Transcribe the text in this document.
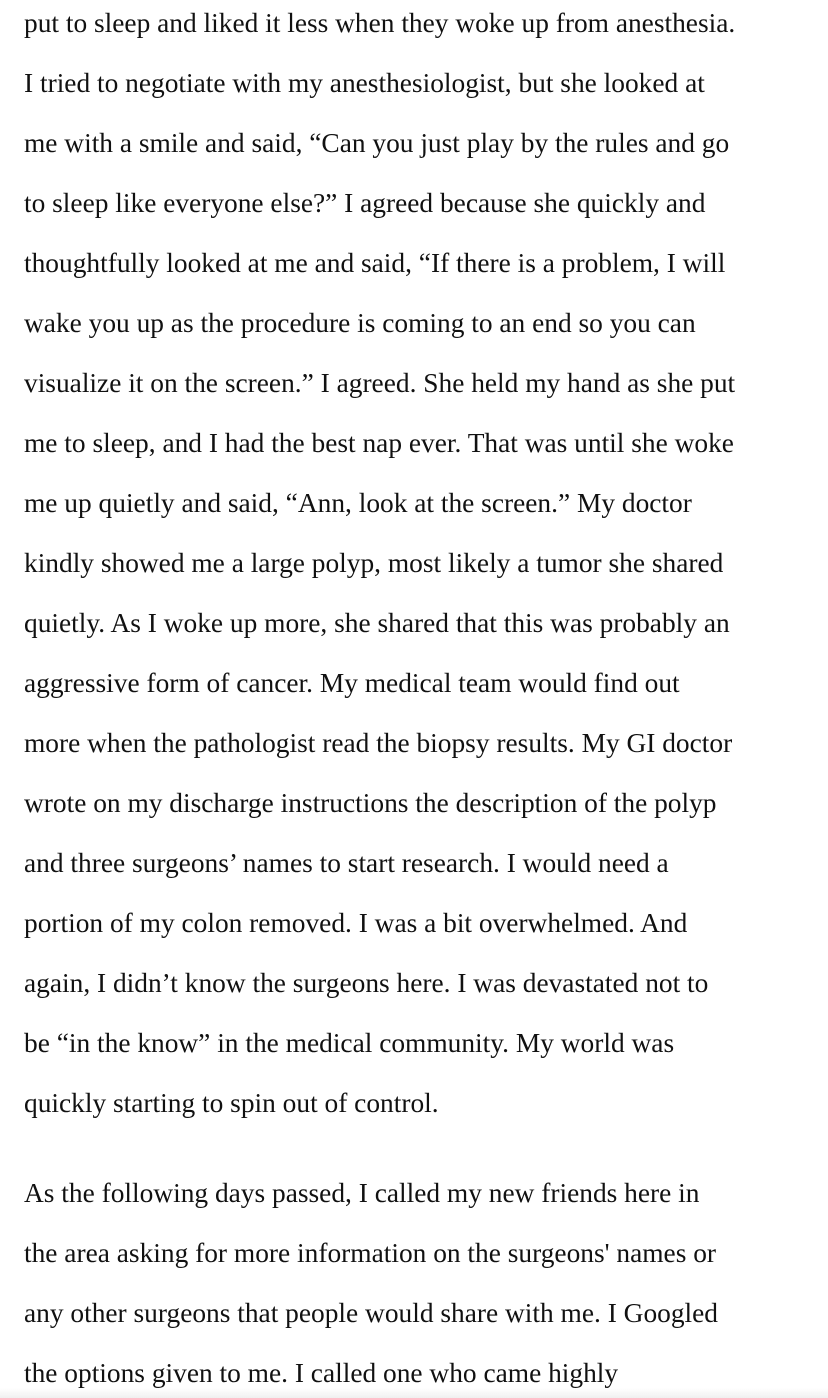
put to sleep and liked it less when they woke up from anesthesia.

I tried to negotiate with my anesthesiologist, but she looked at

me with a smile and said, “Can you just play by the rules and go

to sleep like everyone else?” I agreed because she quickly and

thoughtfully looked at me and said, “If there is a problem, I will

wake you up as the procedure is coming to an end so you can

visualize it on the screen.” I agreed. She held my hand as she put

me to sleep, and I had the best nap ever. That was until she woke

me up quietly and said, “Ann, look at the screen.” My doctor

kindly showed me a large polyp, most likely a tumor she shared

quietly. As I woke up more, she shared that this was probably an

aggressive form of cancer. My medical team would find out

more when the pathologist read the biopsy results. My GI doctor

wrote on my discharge instructions the description of the polyp

and three surgeons’ names to start research. I would need a

portion of my colon removed. I was a bit overwhelmed. And

again, I didn’t know the surgeons here. I was devastated not to

be “in the know” in the medical community. My world was

quickly starting to spin out of control.

As the following days passed, I called my new friends here in

the area asking for more information on the surgeons' names or

any other surgeons that people would share with me. I Googled

the options given to me. I called one who came highly
